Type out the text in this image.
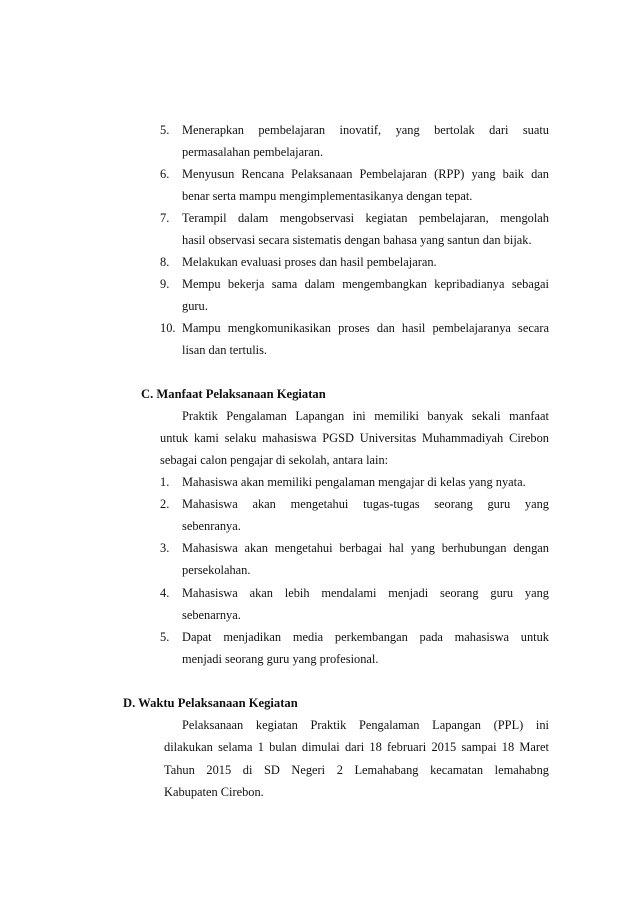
5. Menerapkan pembelajaran inovatif, yang bertolak dari suatu
permasalahan pembelajaran.
6. Menyusun Rencana Pelaksanaan Pembelajaran (RPP) yang baik dan
benar serta mampu mengimplementasikanya dengan tepat.
7. Terampil dalam mengobservasi kegiatan pembelajaran, mengolah
hasil observasi secara sistematis dengan bahasa yang santun dan bijak.
8. Melakukan evaluasi proses dan hasil pembelajaran.
9. Mempu bekerja sama dalam mengembangkan kepribadianya sebagai
guru.
10. Mampu mengkomunikasikan proses dan hasil pembelajaranya secara
lisan dan tertulis.
C. Manfaat Pelaksanaan Kegiatan
Praktik Pengalaman Lapangan ini memiliki banyak sekali manfaat
untuk kami selaku mahasiswa PGSD Universitas Muhammadiyah Cirebon
sebagai calon pengajar di sekolah, antara lain:
1. Mahasiswa akan memiliki pengalaman mengajar di kelas yang nyata.
2. Mahasiswa akan mengetahui tugas-tugas seorang guru yang
sebenranya.
3. Mahasiswa akan mengetahui berbagai hal yang berhubungan dengan
persekolahan.
4. Mahasiswa akan lebih mendalami menjadi seorang guru yang
sebenarnya.
5. Dapat menjadikan media perkembangan pada mahasiswa untuk
menjadi seorang guru yang profesional.
D. Waktu Pelaksanaan Kegiatan
Pelaksanaan kegiatan Praktik Pengalaman Lapangan (PPL) ini
dilakukan selama 1 bulan dimulai dari 18 februari 2015 sampai 18 Maret
Tahun 2015 di SD Negeri 2 Lemahabang kecamatan lemahabng
Kabupaten Cirebon.
